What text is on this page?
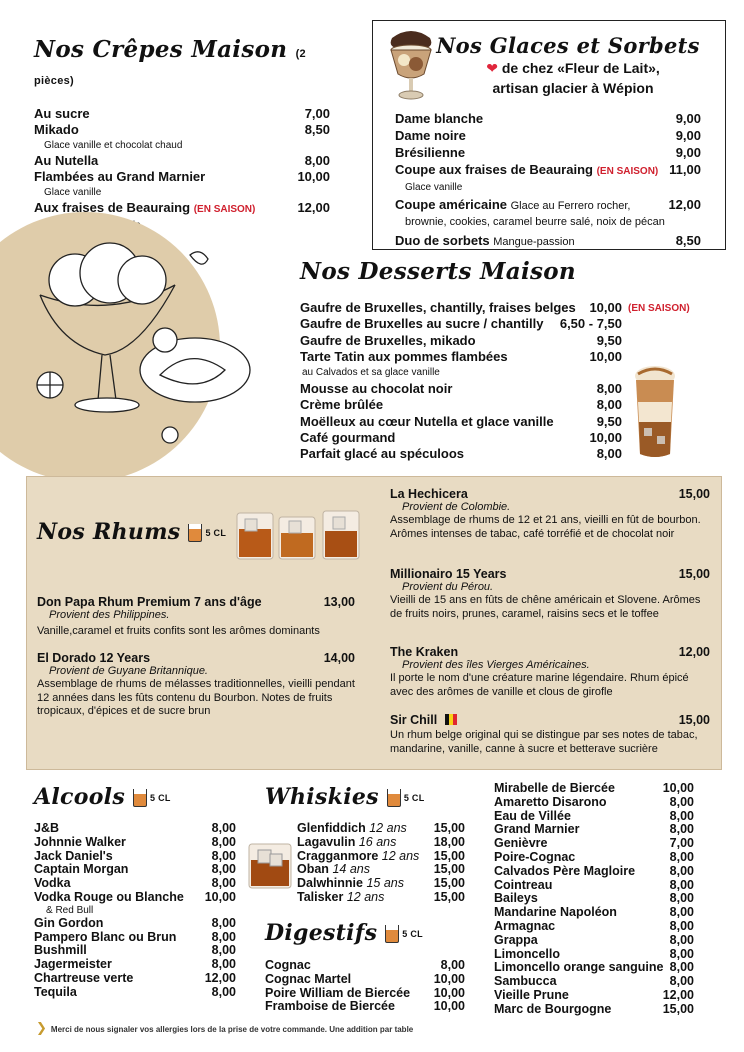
Nos Crêpes Maison (2 pièces)
Au sucre	7,00
Mikado	8,50
Glace vanille et chocolat chaud
Au Nutella	8,00
Flambées au Grand Marnier	10,00
Glace vanille
Aux fraises de Beauraing (EN SAISON)	12,00
Nos Glaces et Sorbets
❤ de chez «Fleur de Lait»,
artisan glacier à Wépion
Dame blanche	9,00
Dame noire	9,00
Brésilienne	9,00
Coupe aux fraises de Beauraing (EN SAISON) 11,00
Glace vanille
Coupe américaine Glace au Ferrero rocher,	12,00
brownie, cookies, caramel beurre salé, noix de pécan
Duo de sorbets Mangue-passion	8,50
Nos Desserts Maison
Gaufre de Bruxelles, chantilly, fraises belges 10,00
Gaufre de Bruxelles au sucre / chantilly 6,50 - 7,50
Gaufre de Bruxelles, mikado	9,50
Tarte Tatin aux pommes flambées	10,00
au Calvados et sa glace vanille
Mousse au chocolat noir	8,00
Crème brûlée	8,00
Moëlleux au cœur Nutella et glace vanille	9,50
Café gourmand	10,00
Parfait glacé au spéculoos	8,00
(EN SAISON)
Nos Rhums	5 CL
Don Papa Rhum Premium 7 ans d'âge	13,00
Provient des Philippines.
Vanille,caramel et fruits confits sont les arômes dominants
El Dorado 12 Years	14,00
Provient de Guyane Britannique.
Assemblage de rhums de mélasses traditionnelles, vieilli pendant 12 années dans les fûts contenu du Bourbon. Notes de fruits tropicaux, d'épices et de sucre brun
La Hechicera	15,00
Provient de Colombie.
Assemblage de rhums de 12 et 21 ans, vieilli en fût de bourbon. Arômes intenses de tabac, café torréfié et de chocolat noir
Millionairo 15 Years	15,00
Provient du Pérou.
Vieilli de 15 ans en fûts de chêne américain et Slovene. Arômes de fruits noirs, prunes, caramel, raisins secs et le toffee
The Kraken	12,00
Provient des îles Vierges Américaines.
Il porte le nom d'une créature marine légendaire. Rhum épicé avec des arômes de vanille et clous de girofle
Sir Chill	15,00
Un rhum belge original qui se distingue par ses notes de tabac, mandarine, vanille, canne à sucre et betterave sucrière
Alcools	5 CL
J&B	8,00
Johnnie Walker	8,00
Jack Daniel's	8,00
Captain Morgan	8,00
Vodka	8,00
Vodka Rouge ou Blanche 10,00
& Red Bull
Gin Gordon	8,00
Pampero Blanc ou Brun	8,00
Bushmill	8,00
Jagermeister	8,00
Chartreuse verte	12,00
Tequila	8,00
Whiskies	5 CL
Glenfiddich 12 ans 15,00
Lagavulin 16 ans	18,00
Cragganmore 12 ans 15,00
Oban 14 ans	15,00
Dalwhinnie 15 ans 15,00
Talisker 12 ans	15,00
Digestifs	5 CL
Cognac	8,00
Cognac Martel	10,00
Poire William de Biercée 10,00
Framboise de Biercée	10,00
Mirabelle de Biercée	10,00
Amaretto Disarono	8,00
Eau de Villée	8,00
Grand Marnier	8,00
Genièvre	7,00
Poire-Cognac	8,00
Calvados Père Magloire	8,00
Cointreau	8,00
Baileys	8,00
Mandarine Napoléon	8,00
Armagnac	8,00
Grappa	8,00
Limoncello	8,00
Limoncello orange sanguine 8,00
Sambucca	8,00
Vieille Prune	12,00
Marc de Bourgogne	15,00
❯ Merci de nous signaler vos allergies lors de la prise de votre commande. Une addition par table
